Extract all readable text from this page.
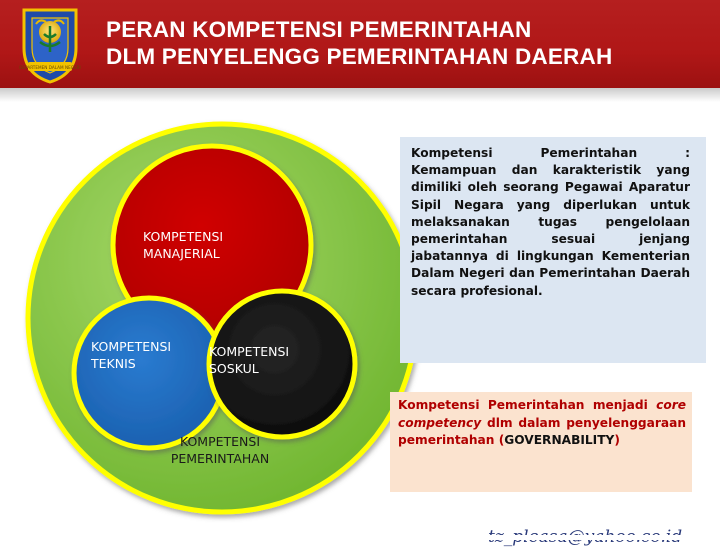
DEPARTEMEN DALAM NEGERI
PERAN KOMPETENSI PEMERINTAHAN
DLM PENYELENGG PEMERINTAHAN DAERAH
KOMPETENSI
MANAJERIAL
KOMPETENSI
TEKNIS
KOMPETENSI
SOSKUL
KOMPETENSI
PEMERINTAHAN
Kompetensi Pemerintahan : Kemampuan dan karakteristik yang dimiliki oleh seorang Pegawai Aparatur Sipil Negara yang diperlukan untuk melaksanakan tugas pengelolaan pemerintahan sesuai jenjang jabatannya di lingkungan Kementerian Dalam Negeri dan Pemerintahan Daerah secara profesional.
Kompetensi Pemerintahan menjadi core competency dlm dalam penyelenggaraan pemerintahan (GOVERNABILITY)
